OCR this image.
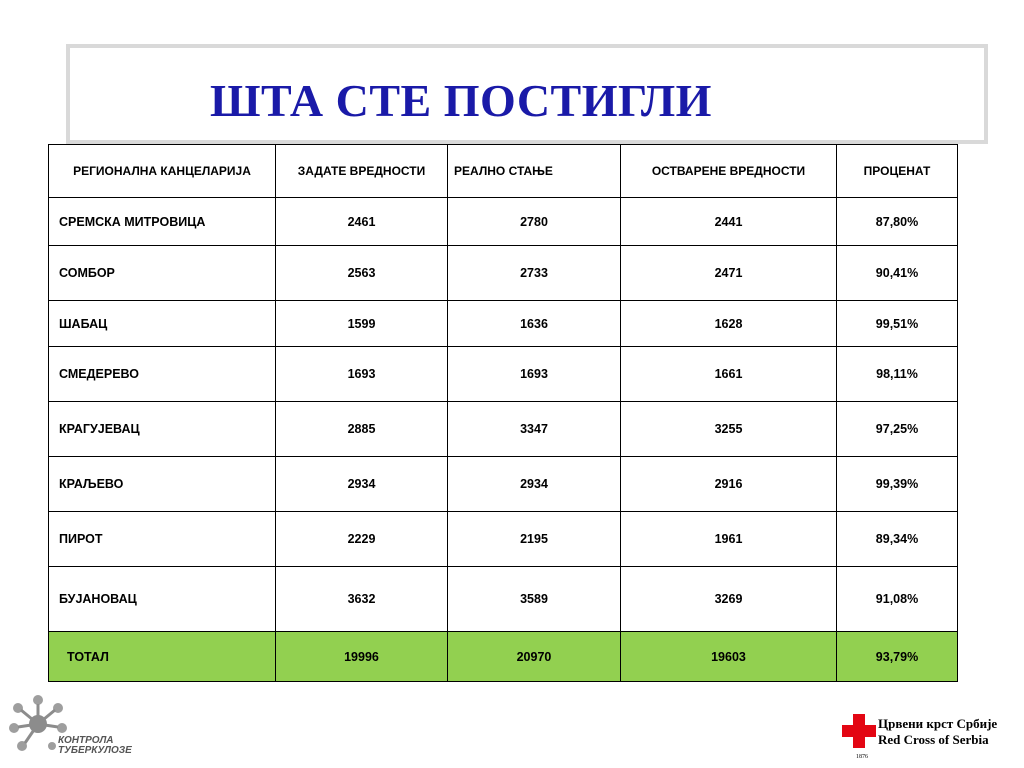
ШТА СТЕ ПОСТИГЛИ
РЕГИОНАЛНА КАНЦЕЛАРИЈА	ЗАДАТЕ ВРЕДНОСТИ	РЕАЛНО СТАЊЕ	ОСТВАРЕНЕ ВРЕДНОСТИ	ПРОЦЕНАТ
СРЕМСКА МИТРОВИЦА	2461	2780	2441	87,80%
СОМБОР	2563	2733	2471	90,41%
ШАБАЦ	1599	1636	1628	99,51%
СМЕДЕРЕВО	1693	1693	1661	98,11%
КРАГУЈЕВАЦ	2885	3347	3255	97,25%
КРАЉЕВО	2934	2934	2916	99,39%
ПИРОТ	2229	2195	1961	89,34%
БУЈАНОВАЦ	3632	3589	3269	91,08%
ТОТАЛ	19996	20970	19603	93,79%
КОНТРОЛА
ТУБЕРКУЛОЗЕ
1876
Црвени крст Србије
Red Cross of Serbia
